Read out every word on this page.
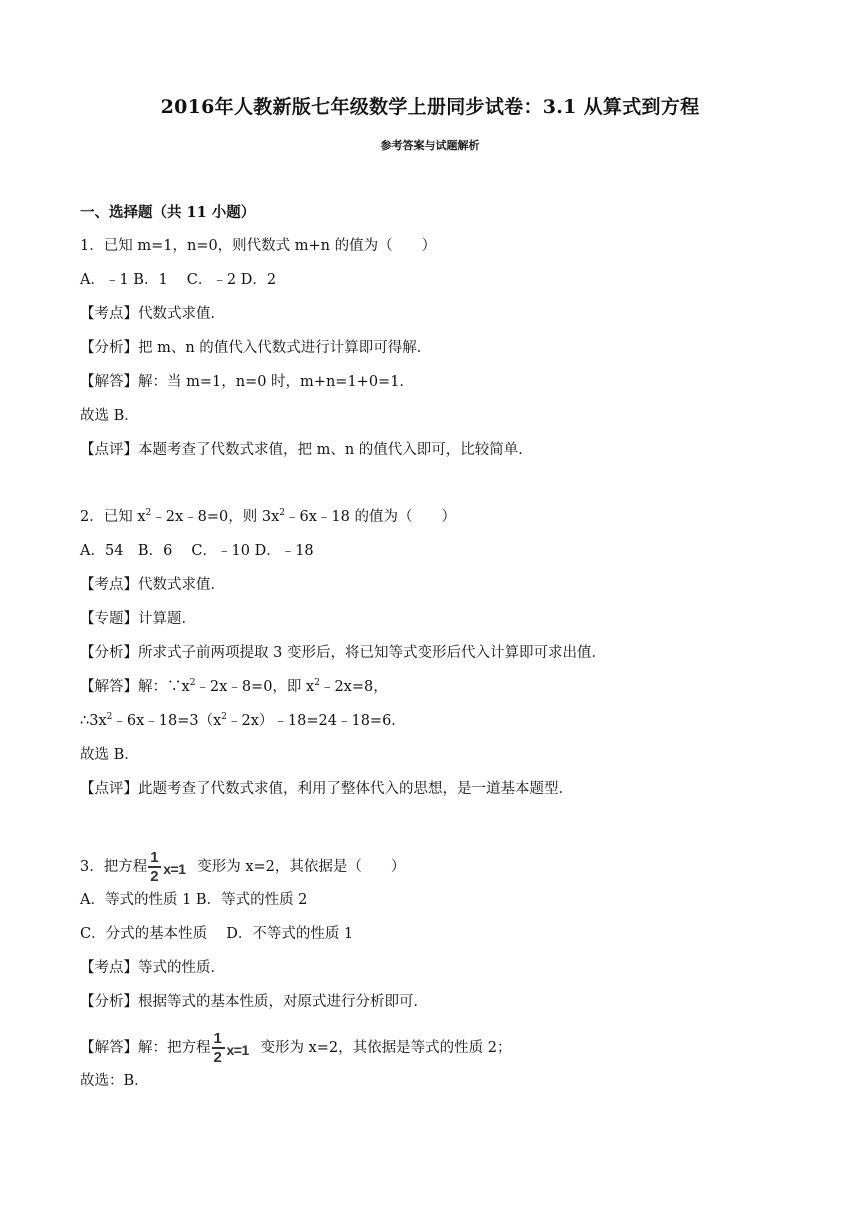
2016年人教新版七年级数学上册同步试卷：3.1 从算式到方程
参考答案与试题解析
一、选择题（共 11 小题）
1．已知 m=1，n=0，则代数式 m+n 的值为（　　）
A．﹣1 B．1　 C．﹣2 D．2
【考点】代数式求值．
【分析】把 m、n 的值代入代数式进行计算即可得解．
【解答】解：当 m=1，n=0 时，m+n=1+0=1．
故选 B．
【点评】本题考查了代数式求值，把 m、n 的值代入即可，比较简单．
2．已知 $x^2﹣2x﹣8=0$，则 $3x^2﹣6x﹣18$ 的值为（　　）
A．54　B．6　 C．﹣10 D．﹣18
【考点】代数式求值．
【专题】计算题．
【分析】所求式子前两项提取 3 变形后，将已知等式变形后代入计算即可求出值．
【解答】解：$\because x^2﹣2x﹣8=0$，即 $x^2﹣2x=8$，
$\therefore 3x^2﹣6x﹣18=3(x^2﹣2x)﹣18=24﹣18=6$．
故选 B．
【点评】此题考查了代数式求值，利用了整体代入的思想，是一道基本题型．
3．把方程
1
2 x=1 变形为 x=2，其依据是（　　）
A．等式的性质 1 B．等式的性质 2
C．分式的基本性质　 D．不等式的性质 1
【考点】等式的性质．
【分析】根据等式的基本性质，对原式进行分析即可．
【解答】解：把方程
1
2 x=1 变形为 x=2，其依据是等式的性质 2；
故选：B．
